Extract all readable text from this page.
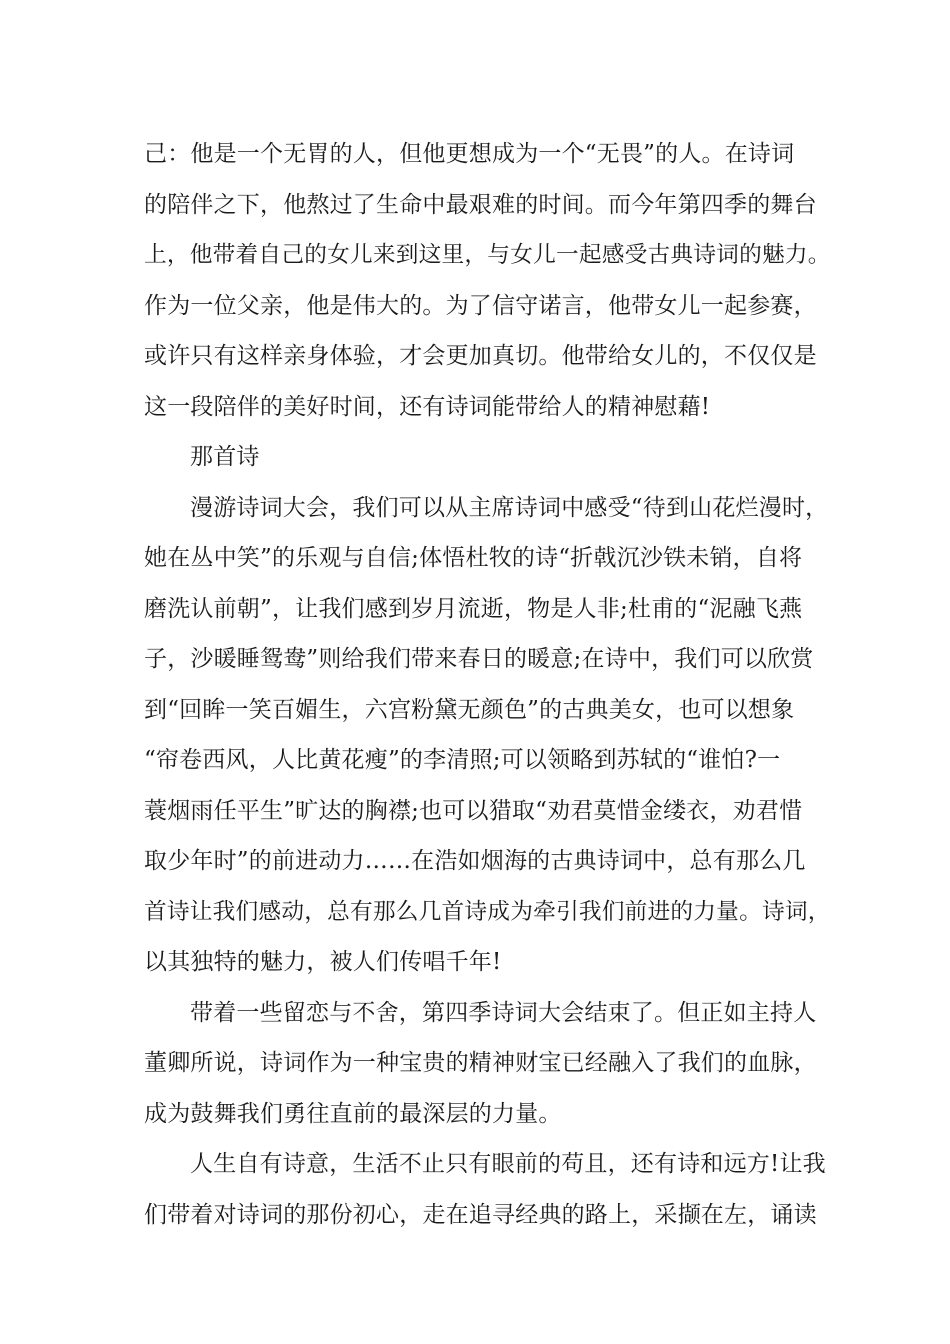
己：他是一个无胃的人，但他更想成为一个“无畏”的人。在诗词
的陪伴之下，他熬过了生命中最艰难的时间。而今年第四季的舞台
上，他带着自己的女儿来到这里，与女儿一起感受古典诗词的魅力。
作为一位父亲，他是伟大的。为了信守诺言，他带女儿一起参赛，
或许只有这样亲身体验，才会更加真切。他带给女儿的，不仅仅是
这一段陪伴的美好时间，还有诗词能带给人的精神慰藉!
那首诗
漫游诗词大会，我们可以从主席诗词中感受“待到山花烂漫时，
她在丛中笑”的乐观与自信;体悟杜牧的诗“折戟沉沙铁未销，自将
磨洗认前朝”，让我们感到岁月流逝，物是人非;杜甫的“泥融飞燕
子，沙暖睡鸳鸯”则给我们带来春日的暖意;在诗中，我们可以欣赏
到“回眸一笑百媚生，六宫粉黛无颜色”的古典美女，也可以想象
“帘卷西风，人比黄花瘦”的李清照;可以领略到苏轼的“谁怕?一
蓑烟雨任平生”旷达的胸襟;也可以猎取“劝君莫惜金缕衣，劝君惜
取少年时”的前进动力……在浩如烟海的古典诗词中，总有那么几
首诗让我们感动，总有那么几首诗成为牵引我们前进的力量。诗词，
以其独特的魅力，被人们传唱千年!
带着一些留恋与不舍，第四季诗词大会结束了。但正如主持人
董卿所说，诗词作为一种宝贵的精神财宝已经融入了我们的血脉，
成为鼓舞我们勇往直前的最深层的力量。
人生自有诗意，生活不止只有眼前的苟且，还有诗和远方!让我
们带着对诗词的那份初心，走在追寻经典的路上，采撷在左，诵读
